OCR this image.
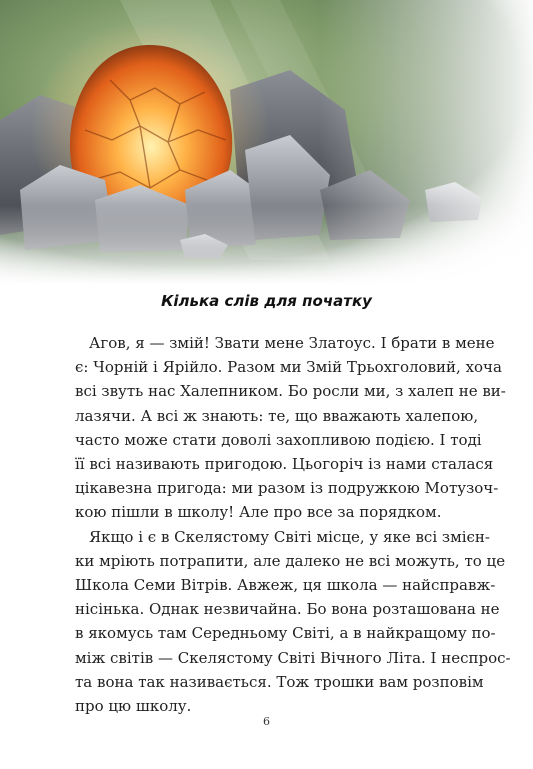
Кілька слів для початку

Агов, я — змій! Звати мене Златоус. І брати в мене
є: Чорній і Ярійло. Разом ми Змій Трьохголовий, хоча
всі звуть нас Халепником. Бо росли ми, з халеп не ви-
лазячи. А всі ж знають: те, що вважають халепою,
часто може стати доволі захопливою подією. І тоді
її всі називають пригодою. Цьогоріч із нами сталася
цікавезна пригода: ми разом із подружкою Мотузоч-
кою пішли в школу! Але про все за порядком.

Якщо і є в Скелястому Світі місце, у яке всі змієн-
ки мріють потрапити, але далеко не всі можуть, то це
Школа Семи Вітрів. Авжеж, ця школа — найсправж-
нісінька. Однак незвичайна. Бо вона розташована не
в якомусь там Середньому Світі, а в найкращому по-
між світів — Скелястому Світі Вічного Літа. І неспрос-
та вона так називається. Тож трошки вам розповім
про цю школу.

6
